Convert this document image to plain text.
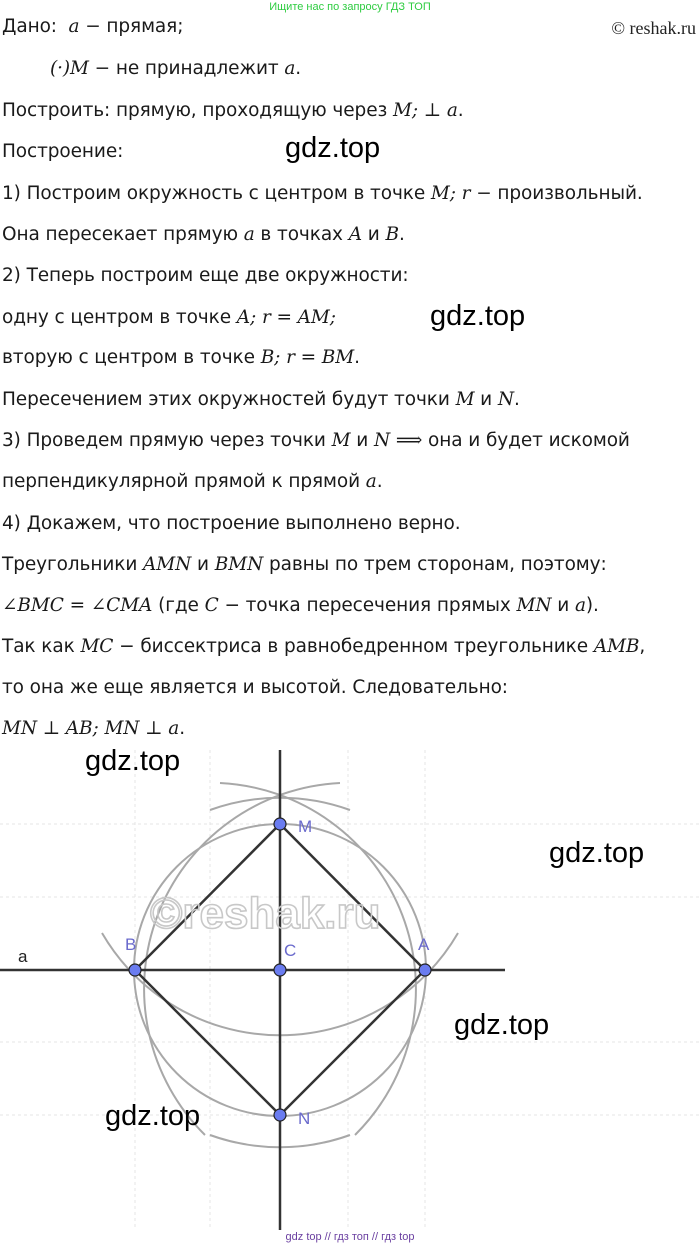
Ищите нас по запросу ГДЗ ТОП
© reshak.ru
Дано: a − прямая;
(·)M − не принадлежит a.
Построить: прямую, проходящую через M; ⊥ a.
Построение:
1) Построим окружность с центром в точке M; r − произвольный.
Она пересекает прямую a в точках A и B.
2) Теперь построим еще две окружности:
одну с центром в точке A; r = AM;
вторую с центром в точке B; r = BM.
Пересечением этих окружностей будут точки M и N.
3) Проведем прямую через точки M и N ⟹ она и будет искомой
перпендикулярной прямой к прямой a.
4) Докажем, что построение выполнено верно.
Треугольники AMN и BMN равны по трем сторонам, поэтому:
∠BMC = ∠CMA (где C − точка пересечения прямых MN и a).
Так как MC − биссектриса в равнобедренном треугольнике AMB,
то она же еще является и высотой. Следовательно:
MN ⊥ AB; MN ⊥ a.
©reshak.ru
M
B	C	A
N
a
gdz.top
gdz.top
gdz.top
gdz.top
gdz.top
gdz.top
gdz top // гдз топ // гдз top
